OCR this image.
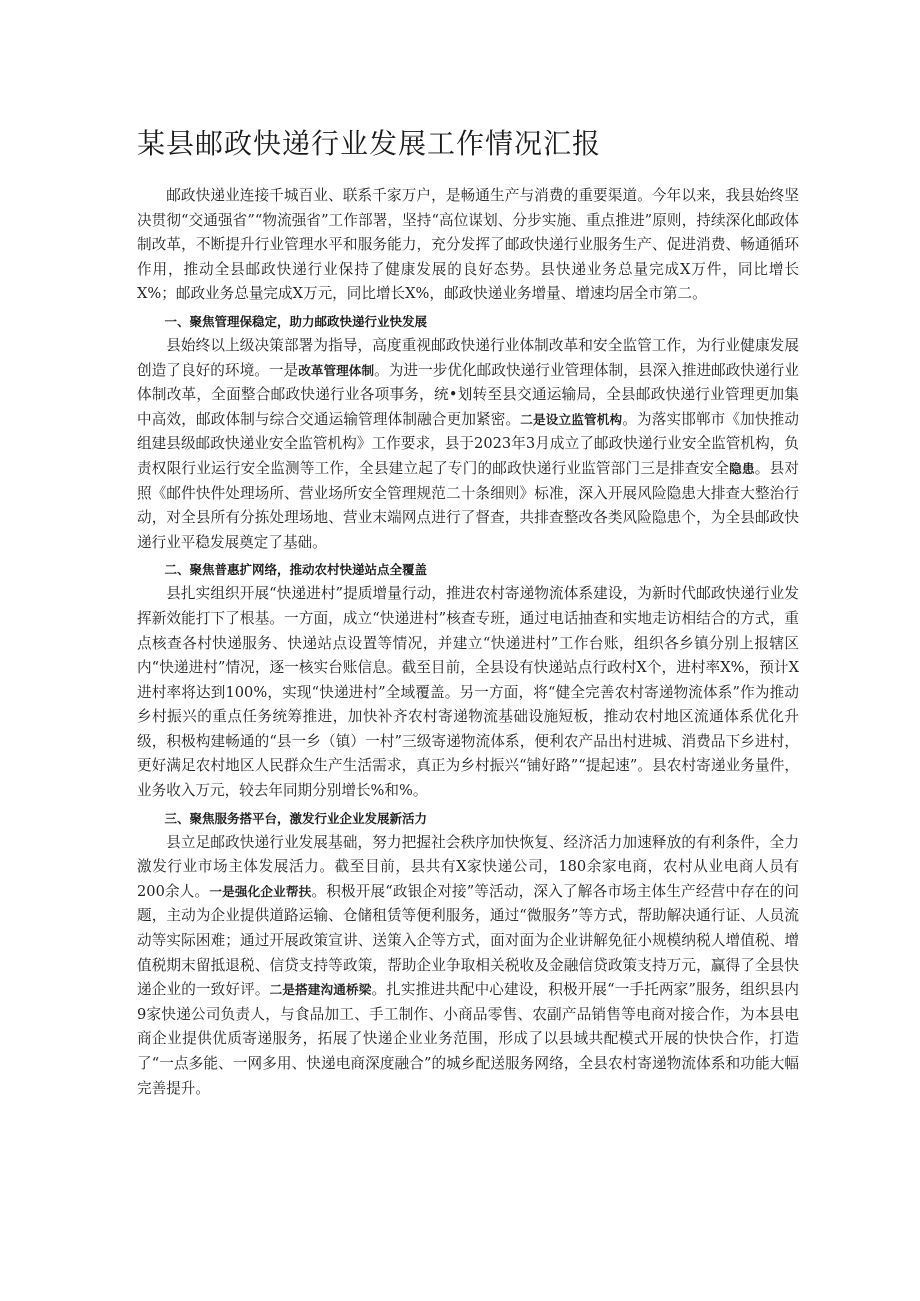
某县邮政快递行业发展工作情况汇报

邮政快递业连接千城百业、联系千家万户，是畅通生产与消费的重要渠道。今年以来，我县始终坚决贯彻“交通强省”“物流强省”工作部署，坚持“高位谋划、分步实施、重点推进”原则，持续深化邮政体制改革，不断提升行业管理水平和服务能力，充分发挥了邮政快递行业服务生产、促进消费、畅通循环作用，推动全县邮政快递行业保持了健康发展的良好态势。县快递业务总量完成X万件，同比增长X%；邮政业务总量完成X万元，同比增长X%，邮政快递业务增量、增速均居全市第二。

一、聚焦管理保稳定，助力邮政快递行业快发展

县始终以上级决策部署为指导，高度重视邮政快递行业体制改革和安全监管工作，为行业健康发展创造了良好的环境。一是改革管理体制。为进一步优化邮政快递行业管理体制，县深入推进邮政快递行业体制改革，全面整合邮政快递行业各项事务，统•划转至县交通运输局，全县邮政快递行业管理更加集中高效，邮政体制与综合交通运输管理体制融合更加紧密。二是设立监管机构。为落实邯郸市《加快推动组建县级邮政快递业安全监管机构》工作要求，县于2023年3月成立了邮政快递行业安全监管机构，负责权限行业运行安全监测等工作，全县建立起了专门的邮政快递行业监管部门三是排查安全隐患。县对照《邮件快件处理场所、营业场所安全管理规范二十条细则》标准，深入开展风险隐患大排查大整治行动，对全县所有分拣处理场地、营业末端网点进行了督查，共排查整改各类风险隐患个，为全县邮政快递行业平稳发展奠定了基础。

二、聚焦普惠扩网络，推动农村快递站点全覆盖

县扎实组织开展“快递进村”提质增量行动，推进农村寄递物流体系建设，为新时代邮政快递行业发挥新效能打下了根基。一方面，成立“快递进村”核查专班，通过电话抽查和实地走访相结合的方式，重点核查各村快递服务、快递站点设置等情况，并建立“快递进村”工作台账，组织各乡镇分别上报辖区内“快递进村”情况，逐一核实台账信息。截至目前，全县设有快递站点行政村X个，进村率X%，预计X进村率将达到100%，实现“快递进村”全域覆盖。另一方面，将“健全完善农村寄递物流体系”作为推动乡村振兴的重点任务统筹推进，加快补齐农村寄递物流基础设施短板，推动农村地区流通体系优化升级，积极构建畅通的“县一乡（镇）一村”三级寄递物流体系，便利农产品出村进城、消费品下乡进村，更好满足农村地区人民群众生产生活需求，真正为乡村振兴“铺好路”“提起速”。县农村寄递业务量件，业务收入万元，较去年同期分别增长%和%。

三、聚焦服务搭平台，激发行业企业发展新活力

县立足邮政快递行业发展基础，努力把握社会秩序加快恢复、经济活力加速释放的有利条件，全力激发行业市场主体发展活力。截至目前，县共有X家快递公司，180余家电商，农村从业电商人员有200余人。一是强化企业帮扶。积极开展“政银企对接”等活动，深入了解各市场主体生产经营中存在的问题，主动为企业提供道路运输、仓储租赁等便利服务，通过“微服务”等方式，帮助解决通行证、人员流动等实际困难；通过开展政策宣讲、送策入企等方式，面对面为企业讲解免征小规模纳税人增值税、增值税期末留抵退税、信贷支持等政策，帮助企业争取相关税收及金融信贷政策支持万元，赢得了全县快递企业的一致好评。二是搭建沟通桥梁。扎实推进共配中心建设，积极开展“一手托两家”服务，组织县内9家快递公司负责人，与食品加工、手工制作、小商品零售、农副产品销售等电商对接合作，为本县电商企业提供优质寄递服务，拓展了快递企业业务范围，形成了以县域共配模式开展的快快合作，打造了“一点多能、一网多用、快递电商深度融合”的城乡配送服务网络，全县农村寄递物流体系和功能大幅完善提升。
